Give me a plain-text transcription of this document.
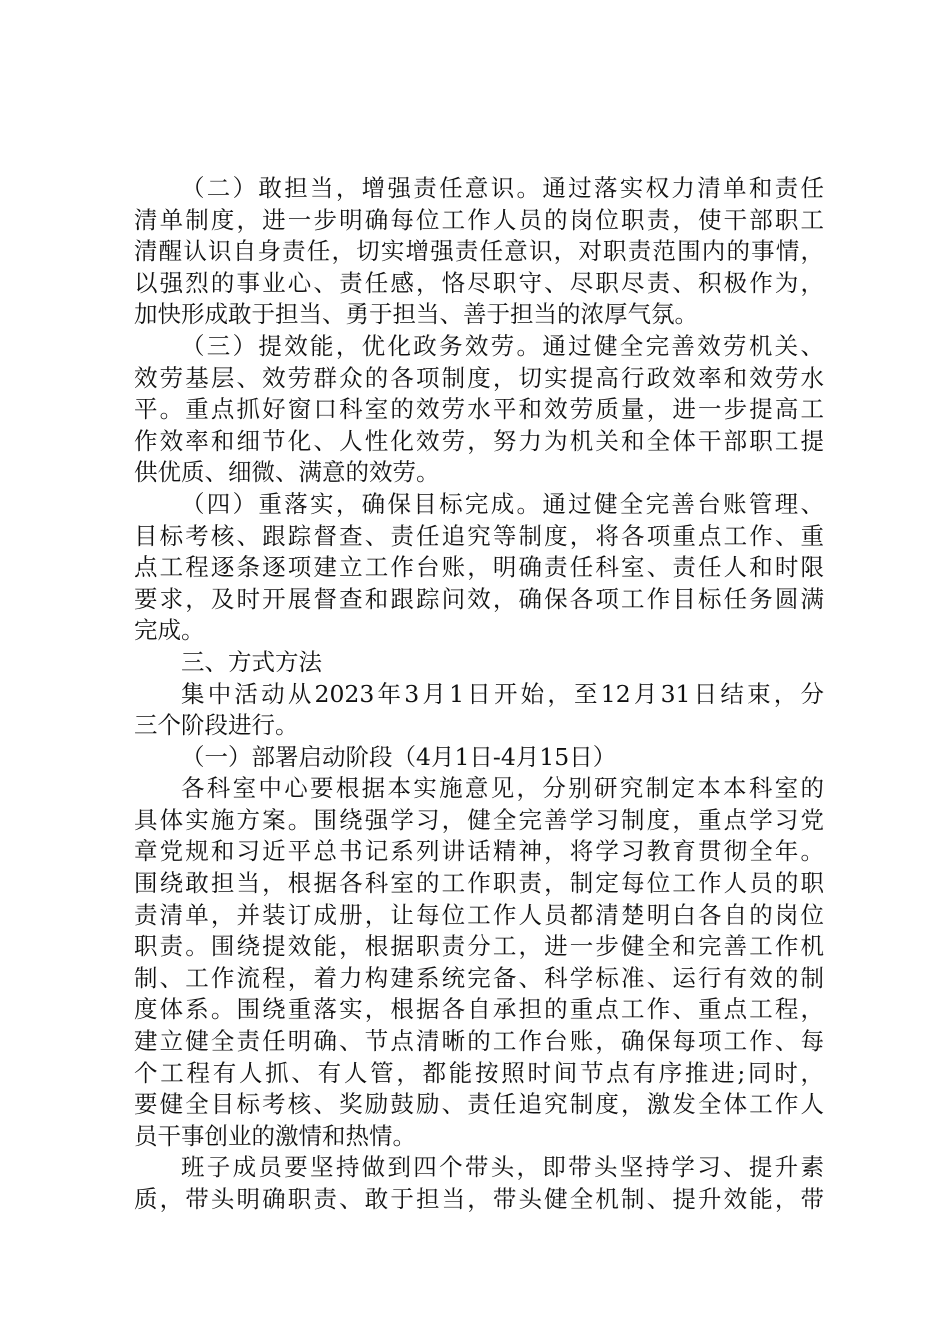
（二）敢担当，增强责任意识。通过落实权力清单和责任
清单制度，进一步明确每位工作人员的岗位职责，使干部职工
清醒认识自身责任，切实增强责任意识，对职责范围内的事情，
以强烈的事业心、责任感，恪尽职守、尽职尽责、积极作为，
加快形成敢于担当、勇于担当、善于担当的浓厚气氛。
（三）提效能，优化政务效劳。通过健全完善效劳机关、
效劳基层、效劳群众的各项制度，切实提高行政效率和效劳水
平。重点抓好窗口科室的效劳水平和效劳质量，进一步提高工
作效率和细节化、人性化效劳，努力为机关和全体干部职工提
供优质、细微、满意的效劳。
（四）重落实，确保目标完成。通过健全完善台账管理、
目标考核、跟踪督查、责任追究等制度，将各项重点工作、重
点工程逐条逐项建立工作台账，明确责任科室、责任人和时限
要求，及时开展督查和跟踪问效，确保各项工作目标任务圆满
完成。
三、方式方法
集中活动从2023年3月1日开始，至12月31日结束，分
三个阶段进行。
（一）部署启动阶段（4月1日-4月15日）
各科室中心要根据本实施意见，分别研究制定本本科室的
具体实施方案。围绕强学习，健全完善学习制度，重点学习党
章党规和习近平总书记系列讲话精神，将学习教育贯彻全年。
围绕敢担当，根据各科室的工作职责，制定每位工作人员的职
责清单，并装订成册，让每位工作人员都清楚明白各自的岗位
职责。围绕提效能，根据职责分工，进一步健全和完善工作机
制、工作流程，着力构建系统完备、科学标准、运行有效的制
度体系。围绕重落实，根据各自承担的重点工作、重点工程，
建立健全责任明确、节点清晰的工作台账，确保每项工作、每
个工程有人抓、有人管，都能按照时间节点有序推进;同时，
要健全目标考核、奖励鼓励、责任追究制度，激发全体工作人
员干事创业的激情和热情。
班子成员要坚持做到四个带头，即带头坚持学习、提升素
质，带头明确职责、敢于担当，带头健全机制、提升效能，带
